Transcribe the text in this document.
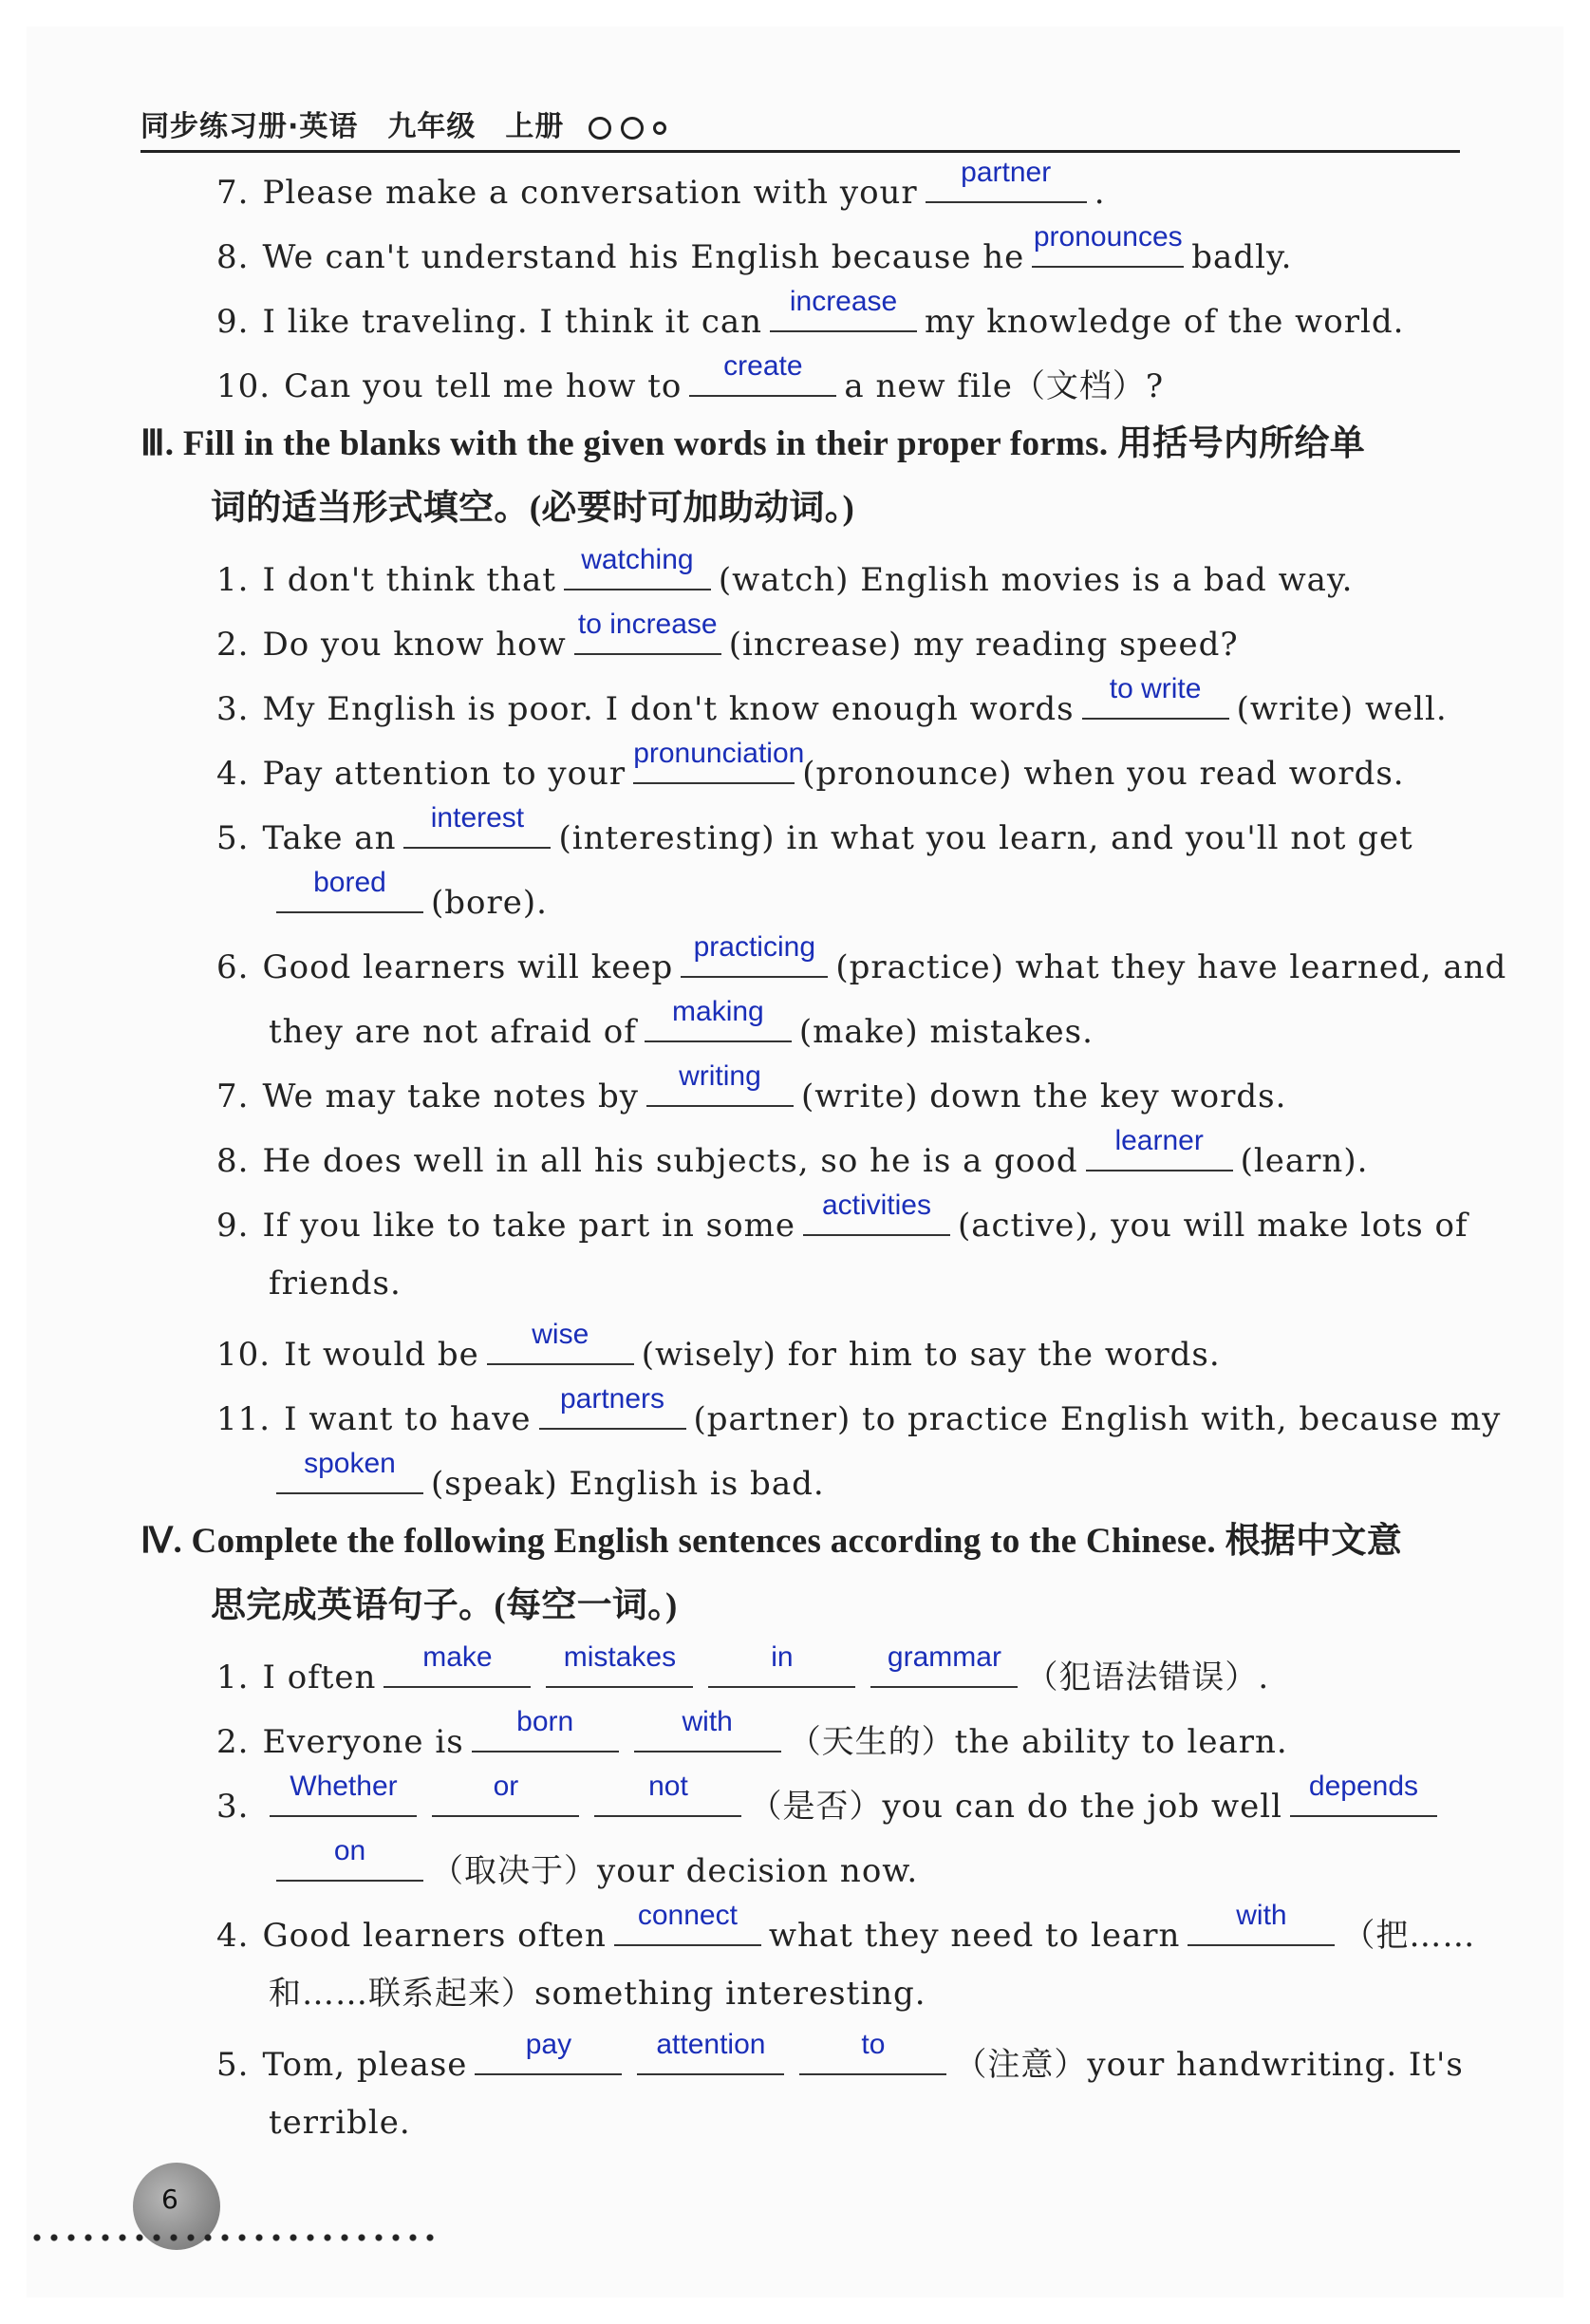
同步练习册·英语　九年级　上册
7. Please make a conversation with your
partner
.
8. We can't understand his English because he
pronounces
badly.
9. I like traveling. I think it can
increase
my knowledge of the world.
10. Can you tell me how to
create
a new file（文档）?
Ⅲ. Fill in the blanks with the given words in their proper forms. 用括号内所给单
词的适当形式填空。(必要时可加助动词。)
1. I don't think that
watching
(watch) English movies is a bad way.
2. Do you know how
to increase
(increase) my reading speed?
3. My English is poor. I don't know enough words
to write
(write) well.
4. Pay attention to your
pronunciation
(pronounce) when you read words.
5. Take an
interest
(interesting) in what you learn, and you'll not get
bored
(bore).
6. Good learners will keep
practicing
(practice) what they have learned, and
they are not afraid of
making
(make) mistakes.
7. We may take notes by
writing
(write) down the key words.
8. He does well in all his subjects, so he is a good
learner
(learn).
9. If you like to take part in some
activities
(active), you will make lots of
friends.
10. It would be
wise
(wisely) for him to say the words.
11. I want to have
partners
(partner) to practice English with, because my
spoken
(speak) English is bad.
Ⅳ. Complete the following English sentences according to the Chinese. 根据中文意
思完成英语句子。(每空一词。)
1. I often
make	mistakes	in	grammar
（犯语法错误）.
2. Everyone is
born	with
（天生的）the ability to learn.
3.
Whether	or	not
（是否）you can do the job well
depends
on
（取决于）your decision now.
4. Good learners often
connect
what they need to learn
with
（把……
和……联系起来）something interesting.
5. Tom, please
pay	attention	to
（注意）your handwriting. It's
terrible.
6
